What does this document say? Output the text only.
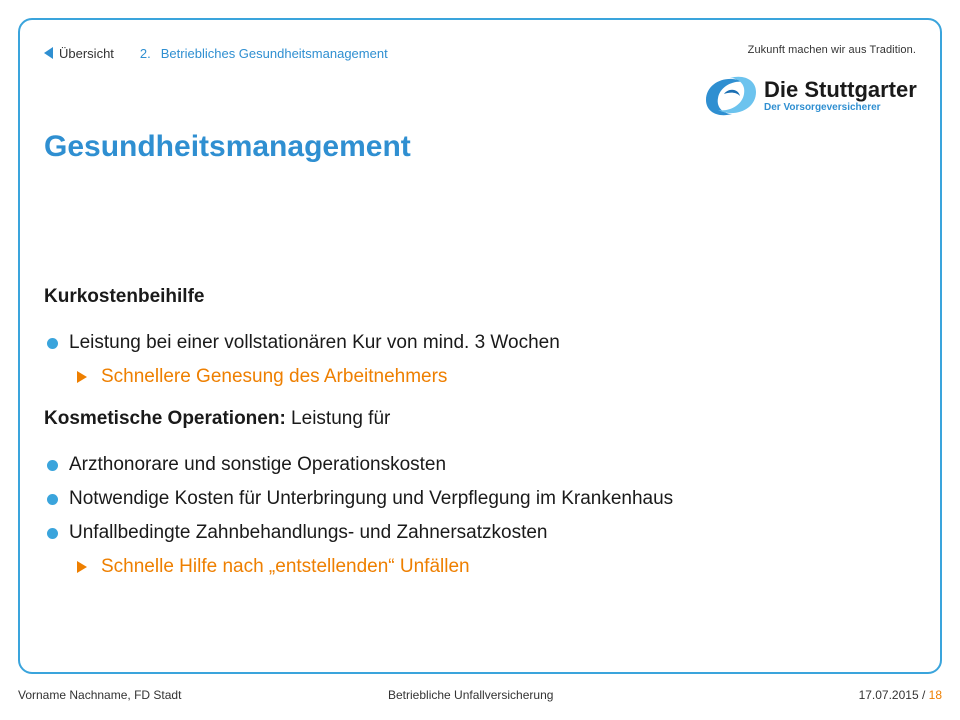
Übersicht 2. Betriebliches Gesundheitsmanagement	Zukunft machen wir aus Tradition.
Die Stuttgarter
Der Vorsorgeversicherer
Gesundheitsmanagement
Kurkostenbeihilfe
Leistung bei einer vollstationären Kur von mind. 3 Wochen
Schnellere Genesung des Arbeitnehmers
Kosmetische Operationen: Leistung für
Arzthonorare und sonstige Operationskosten
Notwendige Kosten für Unterbringung und Verpflegung im Krankenhaus
Unfallbedingte Zahnbehandlungs- und Zahnersatzkosten
Schnelle Hilfe nach „entstellenden“ Unfällen
Vorname Nachname, FD Stadt	Betriebliche Unfallversicherung	17.07.2015 / 18
